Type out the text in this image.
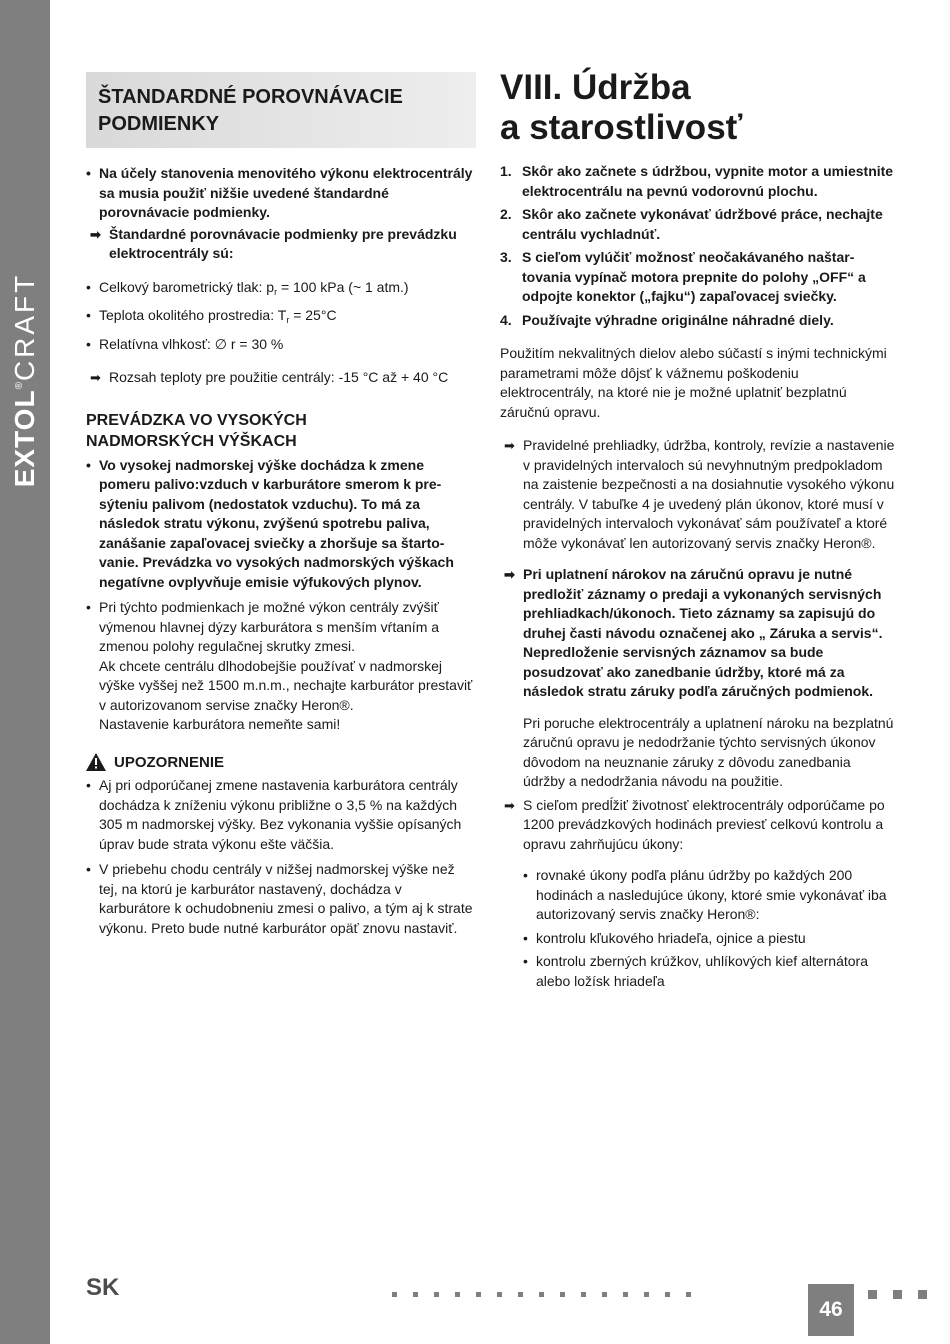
EXTOL®CRAFT
ŠTANDARDNÉ POROVNÁVACIE
PODMIENKY
• Na účely stanovenia menovitého výkonu elektrocentrály sa musia použiť nižšie uvedené štandardné porovnávacie podmienky.
➡ Štandardné porovnávacie podmienky pre prevádzku elektrocentrály sú:
• Celkový barometrický tlak: $p_r = 100$ kPa (~ 1 atm.)
• Teplota okolitého prostredia: $T_r = 25^\circ C$
• Relatívna vlhkosť: ∅ r = 30 %
➡ Rozsah teploty pre použitie centrály: -15 °C až + 40 °C
PREVÁDZKA VO VYSOKÝCH
NADMORSKÝCH VÝŠKACH
• Vo vysokej nadmorskej výške dochádza k zmene pomeru palivo:vzduch v karburátore smerom k presýteniu palivom (nedostatok vzduchu). To má za následok stratu výkonu, zvýšenú spotrebu paliva, zanášanie zapaľovacej sviečky a zhoršuje sa štartovanie. Prevádzka vo vysokých nadmorských výškach negatívne ovplyvňuje emisie výfukových plynov.
• Pri týchto podmienkach je možné výkon centrály zvýšiť výmenou hlavnej dýzy karburátora s menším vŕtaním a zmenou polohy regulačnej skrutky zmesi.
Ak chcete centrálu dlhodobejšie používať v nadmorskej výške vyššej než 1500 m.n.m., nechajte karburátor prestaviť v autorizovanom servise značky Heron®.
Nastavenie karburátora nemeňte sami!
UPOZORNENIE
• Aj pri odporúčanej zmene nastavenia karburátora centrály dochádza k zníženiu výkonu približne o 3,5 % na každých 305 m nadmorskej výšky. Bez vykonania vyššie opísaných úprav bude strata výkonu ešte väčšia.
• V priebehu chodu centrály v nižšej nadmorskej výške než tej, na ktorú je karburátor nastavený, dochádza v karburátore k ochudobneniu zmesi o palivo, a tým aj k strate výkonu. Preto bude nutné karburátor opäť znovu nastaviť.
VIII. Údržba
a starostlivosť
1. Skôr ako začnete s údržbou, vypnite motor a umiestnite elektrocentrálu na pevnú vodorovnú plochu.
2. Skôr ako začnete vykonávať údržbové práce, nechajte centrálu vychladnúť.
3. S cieľom vylúčiť možnosť neočakávaného naštartovania vypínač motora prepnite do polohy „OFF“ a odpojte konektor („fajku“) zapaľovacej sviečky.
4. Používajte výhradne originálne náhradné diely.

Použitím nekvalitných dielov alebo súčastí s inými technickými parametrami môže dôjsť k vážnemu poškodeniu elektrocentrály, na ktoré nie je možné uplatniť bezplatnú záručnú opravu.

➡ Pravidelné prehliadky, údržba, kontroly, revízie a nastavenie v pravidelných intervaloch sú nevyhnutným predpokladom na zaistenie bezpečnosti a na dosiahnutie vysokého výkonu centrály. V tabuľke 4 je uvedený plán úkonov, ktoré musí v pravidelných intervaloch vykonávať sám používateľ a ktoré môže vykonávať len autorizovaný servis značky Heron®.
➡ Pri uplatnení nárokov na záručnú opravu je nutné predložiť záznamy o predaji a vykonaných servisných prehliadkach/úkonoch. Tieto záznamy sa zapisujú do druhej časti návodu označenej ako „ Záruka a servis“. Nepredloženie servisných záznamov sa bude posudzovať ako zanedbanie údržby, ktoré má za následok stratu záruky podľa záručných podmienok.

Pri poruche elektrocentrály a uplatnení nároku na bezplatnú záručnú opravu je nedodržanie týchto servisných úkonov dôvodom na neuznanie záruky z dôvodu zanedbania údržby a nedodržania návodu na použitie.

➡ S cieľom predĺžiť životnosť elektrocentrály odporúčame po 1200 prevádzkových hodinách previesť celkovú kontrolu a opravu zahrňujúcu úkony:
• rovnaké úkony podľa plánu údržby po každých 200 hodinách a nasledujúce úkony, ktoré smie vykonávať iba autorizovaný servis značky Heron®:
• kontrolu kľukového hriadeľa, ojnice a piestu
• kontrolu zberných krúžkov, uhlíkových kief alternátora alebo ložísk hriadeľa
SK
46
